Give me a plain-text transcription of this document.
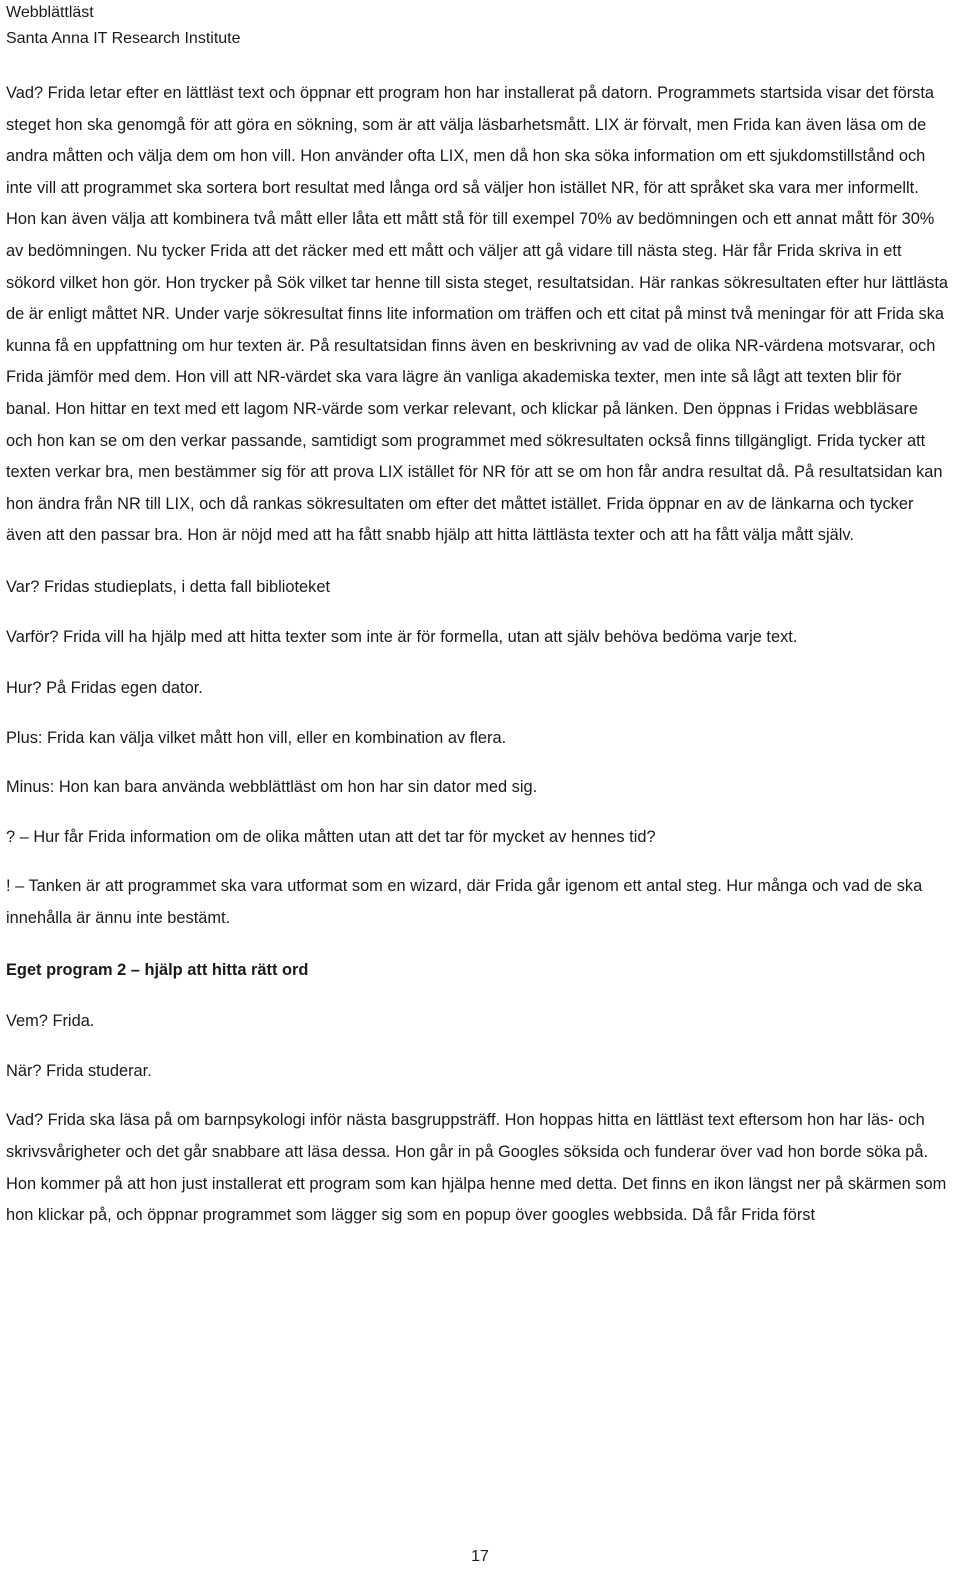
Webblättläst
Santa Anna IT Research Institute

Vad? Frida letar efter en lättläst text och öppnar ett program hon har installerat på datorn. Programmets startsida visar det första steget hon ska genomgå för att göra en sökning, som är att välja läsbarhetsmått. LIX är förvalt, men Frida kan även läsa om de andra måtten och välja dem om hon vill. Hon använder ofta LIX, men då hon ska söka information om ett sjukdomstillstånd och inte vill att programmet ska sortera bort resultat med långa ord så väljer hon istället NR, för att språket ska vara mer informellt. Hon kan även välja att kombinera två mått eller låta ett mått stå för till exempel 70% av bedömningen och ett annat mått för 30% av bedömningen. Nu tycker Frida att det räcker med ett mått och väljer att gå vidare till nästa steg. Här får Frida skriva in ett sökord vilket hon gör. Hon trycker på Sök vilket tar henne till sista steget, resultatsidan. Här rankas sökresultaten efter hur lättlästa de är enligt måttet NR. Under varje sökresultat finns lite information om träffen och ett citat på minst två meningar för att Frida ska kunna få en uppfattning om hur texten är. På resultatsidan finns även en beskrivning av vad de olika NR-värdena motsvarar, och Frida jämför med dem. Hon vill att NR-värdet ska vara lägre än vanliga akademiska texter, men inte så lågt att texten blir för banal. Hon hittar en text med ett lagom NR-värde som verkar relevant, och klickar på länken. Den öppnas i Fridas webbläsare och hon kan se om den verkar passande, samtidigt som programmet med sökresultaten också finns tillgängligt. Frida tycker att texten verkar bra, men bestämmer sig för att prova LIX istället för NR för att se om hon får andra resultat då. På resultatsidan kan hon ändra från NR till LIX, och då rankas sökresultaten om efter det måttet istället. Frida öppnar en av de länkarna och tycker även att den passar bra. Hon är nöjd med att ha fått snabb hjälp att hitta lättlästa texter och att ha fått välja mått själv.

Var? Fridas studieplats, i detta fall biblioteket

Varför? Frida vill ha hjälp med att hitta texter som inte är för formella, utan att själv behöva bedöma varje text.

Hur? På Fridas egen dator.

Plus: Frida kan välja vilket mått hon vill, eller en kombination av flera.

Minus: Hon kan bara använda webblättläst om hon har sin dator med sig.

? – Hur får Frida information om de olika måtten utan att det tar för mycket av hennes tid?

! – Tanken är att programmet ska vara utformat som en wizard, där Frida går igenom ett antal steg. Hur många och vad de ska innehålla är ännu inte bestämt.

Eget program 2 – hjälp att hitta rätt ord

Vem? Frida.

När? Frida studerar.

Vad? Frida ska läsa på om barnpsykologi inför nästa basgruppsträff. Hon hoppas hitta en lättläst text eftersom hon har läs- och skrivsvårigheter och det går snabbare att läsa dessa. Hon går in på Googles söksida och funderar över vad hon borde söka på. Hon kommer på att hon just installerat ett program som kan hjälpa henne med detta. Det finns en ikon längst ner på skärmen som hon klickar på, och öppnar programmet som lägger sig som en popup över googles webbsida. Då får Frida först

17
